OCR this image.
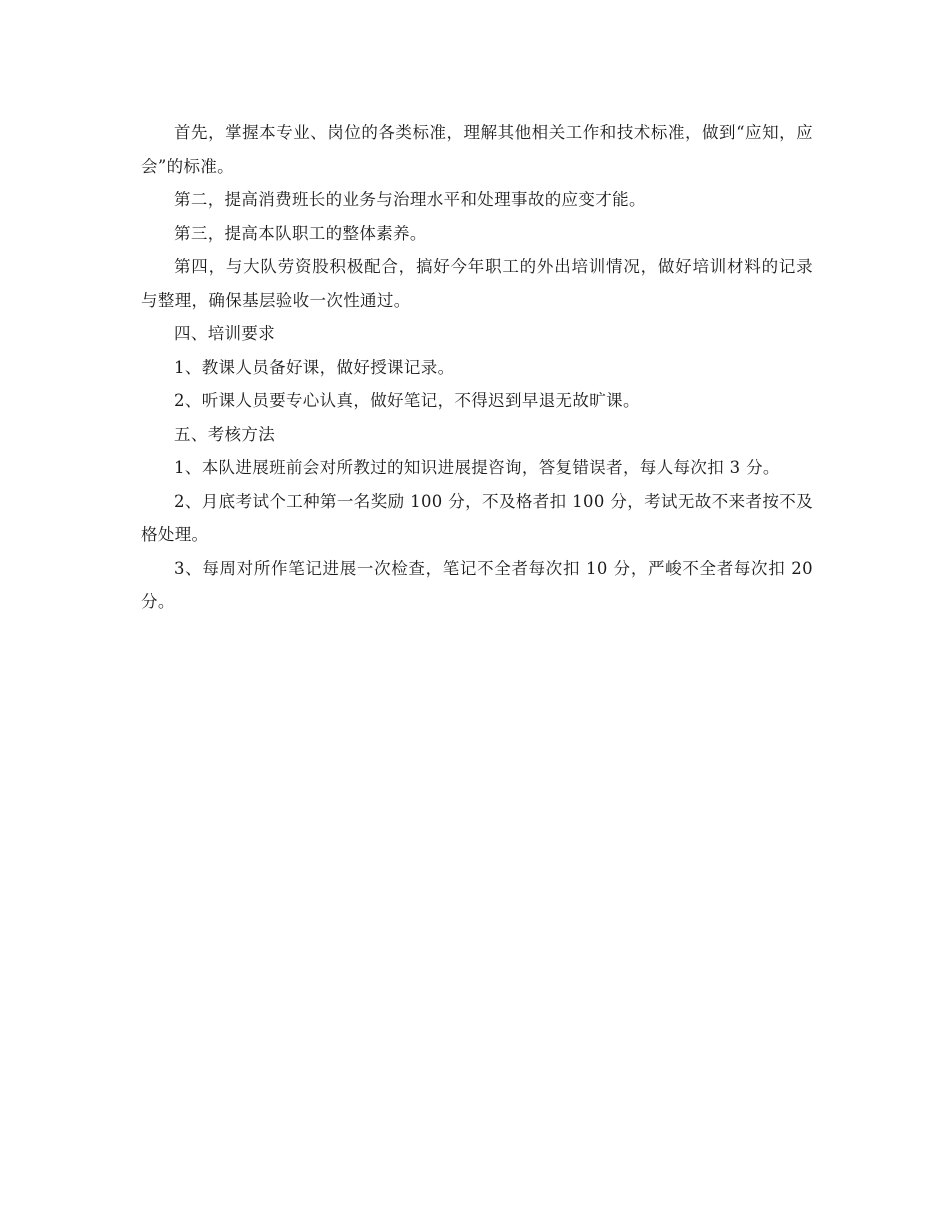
首先，掌握本专业、岗位的各类标准，理解其他相关工作和技术标准，做到“应知，应会”的标准。

第二，提高消费班长的业务与治理水平和处理事故的应变才能。

第三，提高本队职工的整体素养。

第四，与大队劳资股积极配合，搞好今年职工的外出培训情况，做好培训材料的记录与整理，确保基层验收一次性通过。

四、培训要求

1、教课人员备好课，做好授课记录。

2、听课人员要专心认真，做好笔记，不得迟到早退无故旷课。

五、考核方法

1、本队进展班前会对所教过的知识进展提咨询，答复错误者，每人每次扣 3 分。

2、月底考试个工种第一名奖励 100 分，不及格者扣 100 分，考试无故不来者按不及格处理。

3、每周对所作笔记进展一次检查，笔记不全者每次扣 10 分，严峻不全者每次扣 20 分。
